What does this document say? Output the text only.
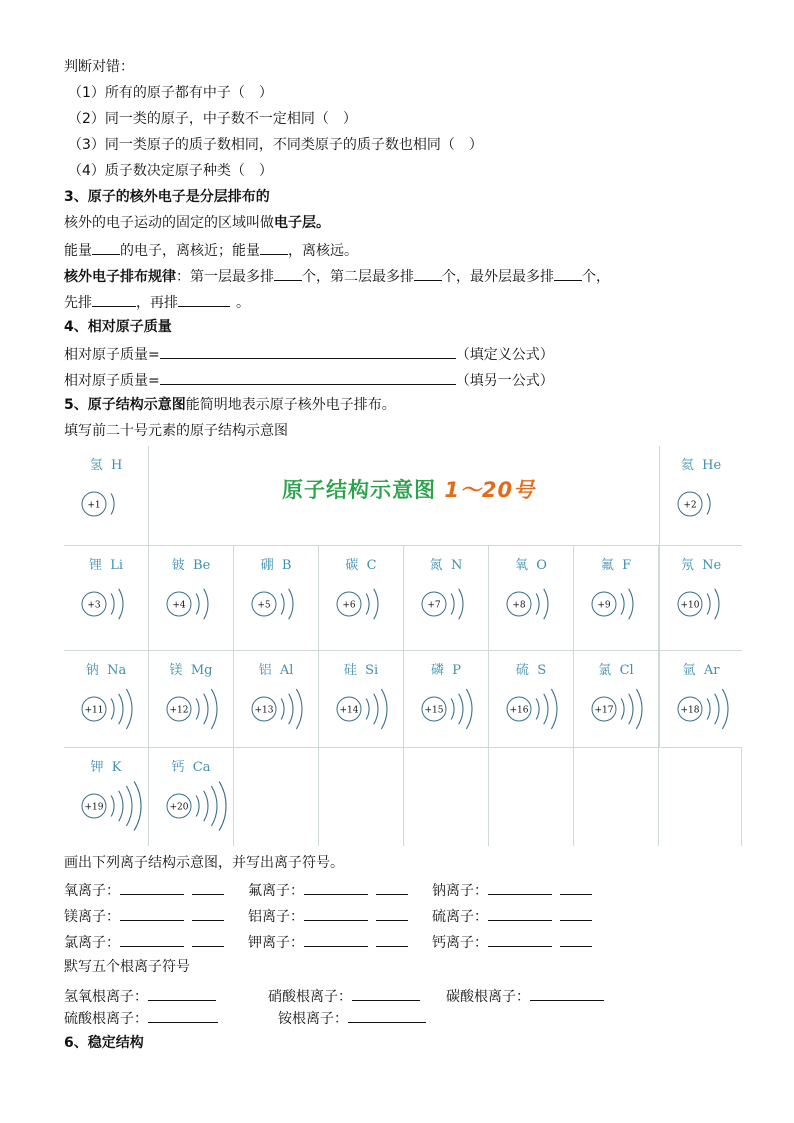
判断对错：
（1）所有的原子都有中子（　）
（2）同一类的原子，中子数不一定相同（　）
（3）同一类原子的质子数相同，不同类原子的质子数也相同（　）
（4）质子数决定原子种类（　）
3、原子的核外电子是分层排布的
核外的电子运动的固定的区域叫做电子层。
能量 的电子，离核近；能量 ，离核远。
核外电子排布规律：第一层最多排 个，第二层最多排 个，最外层最多排 个，
先排	，再排	。
4、相对原子质量
相对原子质量=	（填定义公式）
相对原子质量=	（填另一公式）
5、原子结构示意图能简明地表示原子核外电子排布。
填写前二十号元素的原子结构示意图
原子结构示意图 1～20号
氢 H
+1
氦 He
+2
锂 Li
+3
铍 Be
+4
硼 B
+5
碳 C
+6
氮 N
+7
氧 O
+8
氟 F
+9
氖 Ne
+10
钠 Na
+11
镁 Mg
+12
铝 Al
+13
硅 Si
+14
磷 P
+15
硫 S
+16
氯 Cl
+17
氩 Ar
+18
钾 K
+19
钙 Ca
+20
画出下列离子结构示意图，并写出离子符号。
氧离子：	氟离子：	钠离子：
镁离子：	铝离子：	硫离子：
氯离子：	钾离子：	钙离子：
默写五个根离子符号
氢氧根离子：	硝酸根离子：	碳酸根离子：
硫酸根离子：	铵根离子：
6、稳定结构
